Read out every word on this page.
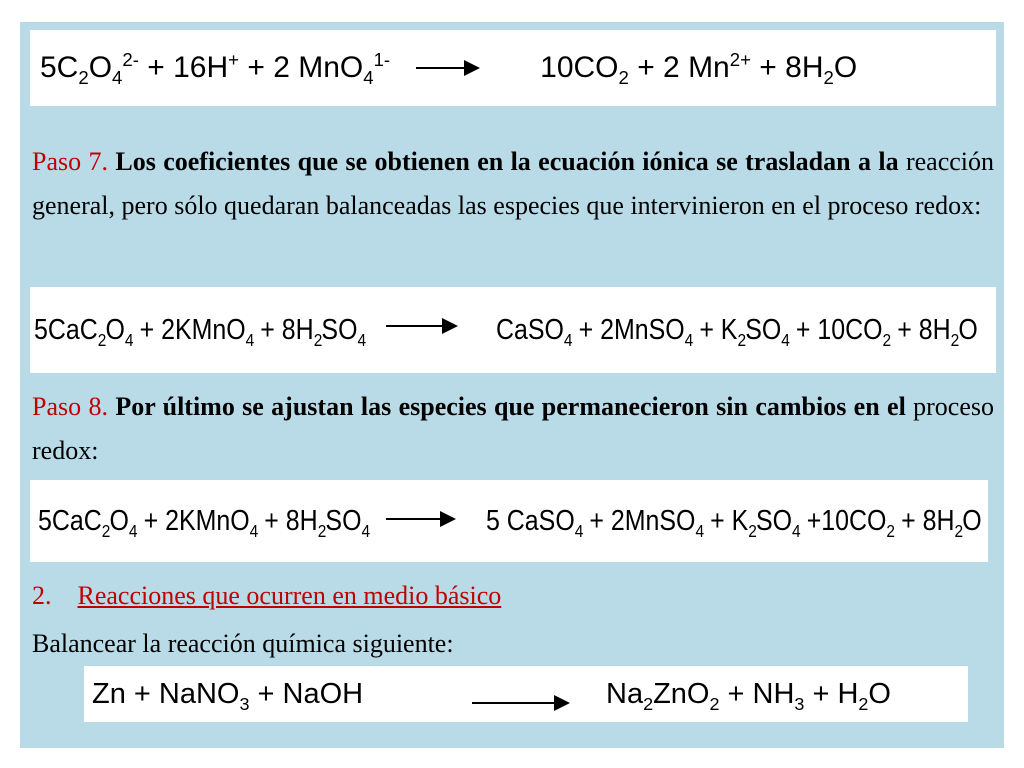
$5C_2O_4^{2-} + 16H^+ + 2$ $MnO_4^{1-} \to 10CO_2 + 2$ $Mn^{2+} + 8H_2O$
Paso 7. Los coeficientes que se obtienen en la ecuación iónica se trasladan a la reacción general, pero sólo quedaran balanceadas las especies que intervinieron en el proceso redox:
$5CaC_2O_4$ + 2KMnO$_4$ + $8H_2SO_4$ → CaSO$_4$ + 2MnSO$_4$ + $K_2SO_4 + 10CO_2 + 8H_2O$
Paso 8. Por último se ajustan las especies que permanecieron sin cambios en el proceso redox:
$5CaC_2O_4$ + 2KMnO$_4$ + $8H_2SO_4 \to 5$ CaSO$_4$ + 2MnSO$_4$ + $K_2SO_4 +10CO_2 + 8H_2O$
2. Reacciones que ocurren en medio básico
Balancear la reacción química siguiente:
Zn + NaNO$_3$ + NaOH	→ $Na_2ZnO_2 + NH_3 + H_2O$
